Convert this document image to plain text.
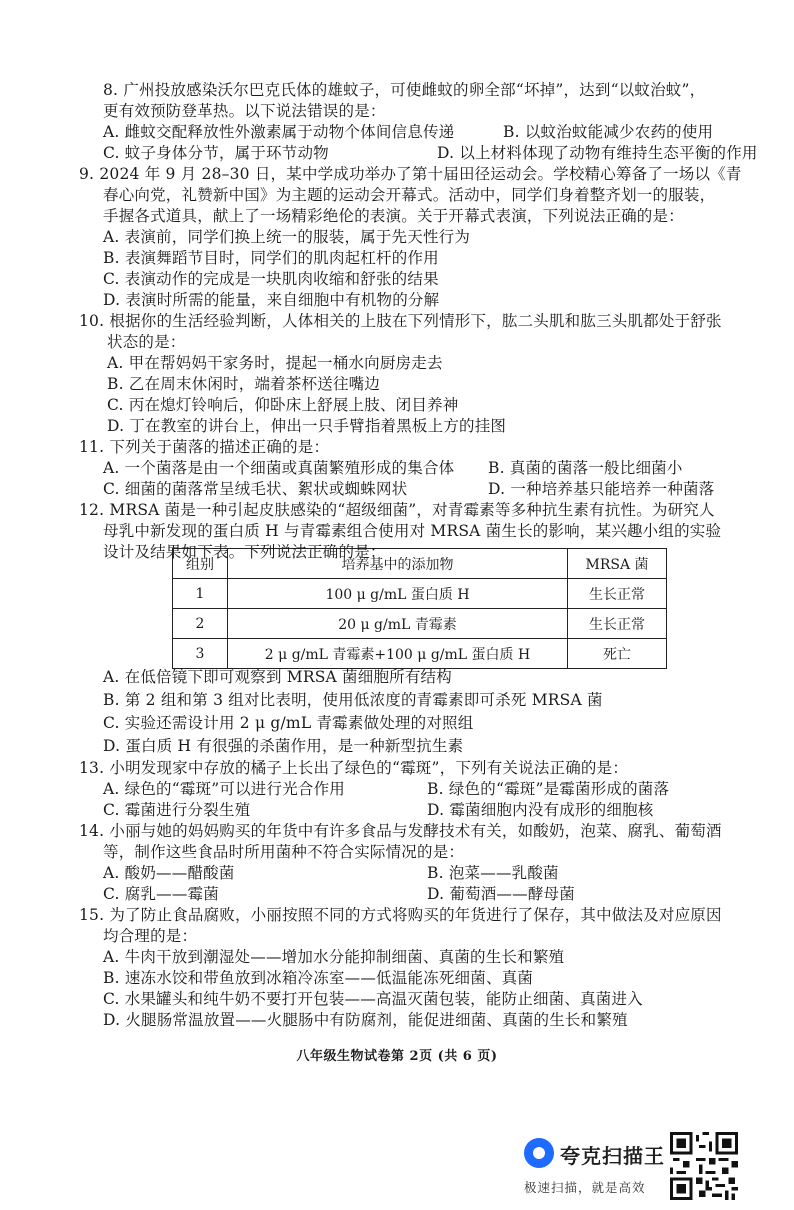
8. 广州投放感染沃尔巴克氏体的雄蚊子，可使雌蚊的卵全部“坏掉”，达到“以蚊治蚊”，
更有效预防登革热。以下说法错误的是：
A. 雌蚊交配释放性外激素属于动物个体间信息传递	B. 以蚊治蚊能减少农药的使用
C. 蚊子身体分节，属于环节动物	D. 以上材料体现了动物有维持生态平衡的作用
9. 2024 年 9 月 28–30 日，某中学成功举办了第十届田径运动会。学校精心筹备了一场以《青
春心向党，礼赞新中国》为主题的运动会开幕式。活动中，同学们身着整齐划一的服装，
手握各式道具，献上了一场精彩绝伦的表演。关于开幕式表演，下列说法正确的是：
A. 表演前，同学们换上统一的服装，属于先天性行为
B. 表演舞蹈节目时，同学们的肌肉起杠杆的作用
C. 表演动作的完成是一块肌肉收缩和舒张的结果
D. 表演时所需的能量，来自细胞中有机物的分解
10. 根据你的生活经验判断，人体相关的上肢在下列情形下，肱二头肌和肱三头肌都处于舒张
状态的是：
A. 甲在帮妈妈干家务时，提起一桶水向厨房走去
B. 乙在周末休闲时，端着茶杯送往嘴边
C. 丙在熄灯铃响后，仰卧床上舒展上肢、闭目养神
D. 丁在教室的讲台上，伸出一只手臂指着黑板上方的挂图
11. 下列关于菌落的描述正确的是：
A. 一个菌落是由一个细菌或真菌繁殖形成的集合体 B. 真菌的菌落一般比细菌小
C. 细菌的菌落常呈绒毛状、絮状或蜘蛛网状	D. 一种培养基只能培养一种菌落
12. MRSA 菌是一种引起皮肤感染的“超级细菌”，对青霉素等多种抗生素有抗性。为研究人
母乳中新发现的蛋白质 H 与青霉素组合使用对 MRSA 菌生长的影响，某兴趣小组的实验
设计及结果如下表。下列说法正确的是：
组别	培养基中的添加物	MRSA 菌
1	100 μ g/mL 蛋白质 H	生长正常
2	20 μ g/mL 青霉素	生长正常
3	2 μ g/mL 青霉素+100 μ g/mL 蛋白质 H	死亡
A. 在低倍镜下即可观察到 MRSA 菌细胞所有结构
B. 第 2 组和第 3 组对比表明，使用低浓度的青霉素即可杀死 MRSA 菌
C. 实验还需设计用 2 μ g/mL 青霉素做处理的对照组
D. 蛋白质 H 有很强的杀菌作用，是一种新型抗生素
13. 小明发现家中存放的橘子上长出了绿色的“霉斑”，下列有关说法正确的是：
A. 绿色的“霉斑”可以进行光合作用	B. 绿色的“霉斑”是霉菌形成的菌落
C. 霉菌进行分裂生殖	D. 霉菌细胞内没有成形的细胞核
14. 小丽与她的妈妈购买的年货中有许多食品与发酵技术有关，如酸奶，泡菜、腐乳、葡萄酒
等，制作这些食品时所用菌种不符合实际情况的是：
A. 酸奶——醋酸菌	B. 泡菜——乳酸菌
C. 腐乳——霉菌	D. 葡萄酒——酵母菌
15. 为了防止食品腐败，小丽按照不同的方式将购买的年货进行了保存，其中做法及对应原因
均合理的是：
A. 牛肉干放到潮湿处——增加水分能抑制细菌、真菌的生长和繁殖
B. 速冻水饺和带鱼放到冰箱冷冻室——低温能冻死细菌、真菌
C. 水果罐头和纯牛奶不要打开包装——高温灭菌包装，能防止细菌、真菌进入
D. 火腿肠常温放置——火腿肠中有防腐剂，能促进细菌、真菌的生长和繁殖
八年级生物试卷第 2页 (共 6 页)
夸克扫描王
极速扫描，就是高效
